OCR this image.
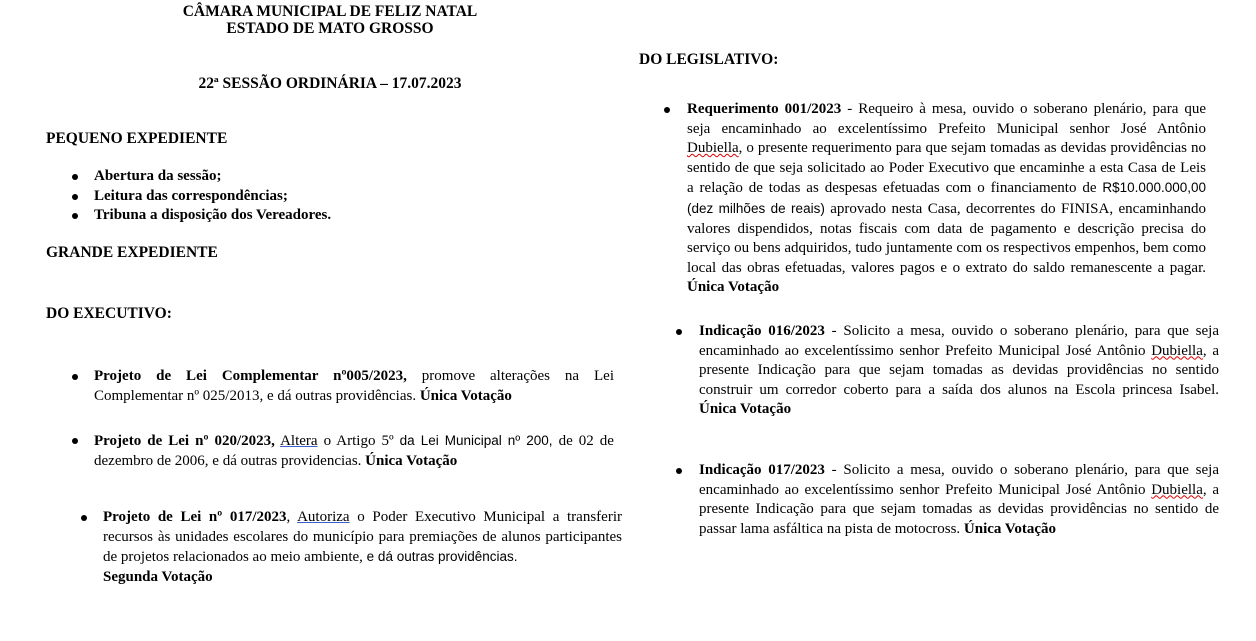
CÂMARA MUNICIPAL DE FELIZ NATAL
ESTADO DE MATO GROSSO
22ª SESSÃO ORDINÁRIA – 17.07.2023
PEQUENO EXPEDIENTE
Abertura da sessão;
Leitura das correspondências;
Tribuna a disposição dos Vereadores.
GRANDE EXPEDIENTE
DO EXECUTIVO:
Projeto de Lei Complementar nº005/2023, promove alterações na Lei Complementar nº 025/2013, e dá outras providências. Única Votação
Projeto de Lei nº 020/2023, Altera o Artigo 5º da Lei Municipal nº 200, de 02 de dezembro de 2006, e dá outras providencias. Única Votação
Projeto de Lei nº 017/2023, Autoriza o Poder Executivo Municipal a transferir recursos às unidades escolares do município para premiações de alunos participantes de projetos relacionados ao meio ambiente, e dá outras providências.
Segunda Votação
DO LEGISLATIVO:
Requerimento 001/2023 - Requeiro à mesa, ouvido o soberano plenário, para que seja encaminhado ao excelentíssimo Prefeito Municipal senhor José Antônio Dubiella, o presente requerimento para que sejam tomadas as devidas providências no sentido de que seja solicitado ao Poder Executivo que encaminhe a esta Casa de Leis a relação de todas as despesas efetuadas com o financiamento de R$10.000.000,00 (dez milhões de reais) aprovado nesta Casa, decorrentes do FINISA, encaminhando valores dispendidos, notas fiscais com data de pagamento e descrição precisa do serviço ou bens adquiridos, tudo juntamente com os respectivos empenhos, bem como local das obras efetuadas, valores pagos e o extrato do saldo remanescente a pagar. Única Votação
Indicação 016/2023 - Solicito a mesa, ouvido o soberano plenário, para que seja encaminhado ao excelentíssimo senhor Prefeito Municipal José Antônio Dubiella, a presente Indicação para que sejam tomadas as devidas providências no sentido construir um corredor coberto para a saída dos alunos na Escola princesa Isabel. Única Votação
Indicação 017/2023 - Solicito a mesa, ouvido o soberano plenário, para que seja encaminhado ao excelentíssimo senhor Prefeito Municipal José Antônio Dubiella, a presente Indicação para que sejam tomadas as devidas providências no sentido de passar lama asfáltica na pista de motocross. Única Votação
